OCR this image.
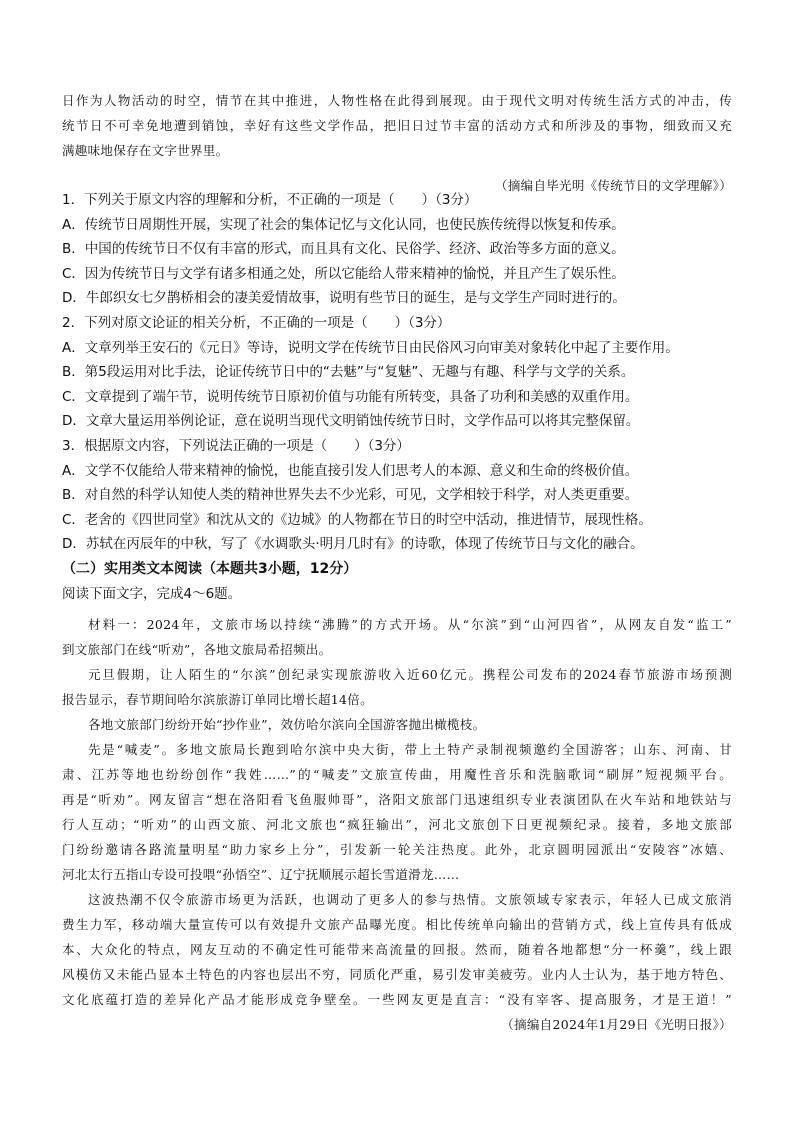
日作为人物活动的时空，情节在其中推进，人物性格在此得到展现。由于现代文明对传统生活方式的冲击，传

统节日不可幸免地遭到销蚀，幸好有这些文学作品，把旧日过节丰富的活动方式和所涉及的事物，细致而又充

满趣味地保存在文字世界里。

（摘编自毕光明《传统节日的文学理解》）

1．下列关于原文内容的理解和分析，不正确的一项是（　　）（3分）

A．传统节日周期性开展，实现了社会的集体记忆与文化认同，也使民族传统得以恢复和传承。

B．中国的传统节日不仅有丰富的形式，而且具有文化、民俗学、经济、政治等多方面的意义。

C．因为传统节日与文学有诸多相通之处，所以它能给人带来精神的愉悦，并且产生了娱乐性。

D．牛郎织女七夕鹊桥相会的凄美爱情故事，说明有些节日的诞生，是与文学生产同时进行的。

2．下列对原文论证的相关分析，不正确的一项是（　　）（3分）

A．文章列举王安石的《元日》等诗，说明文学在传统节日由民俗风习向审美对象转化中起了主要作用。

B．第5段运用对比手法，论证传统节日中的“去魅”与“复魅”、无趣与有趣、科学与文学的关系。

C．文章提到了端午节，说明传统节日原初价值与功能有所转变，具备了功利和美感的双重作用。

D．文章大量运用举例论证，意在说明当现代文明销蚀传统节日时，文学作品可以将其完整保留。

3．根据原文内容，下列说法正确的一项是（　　）（3分）

A．文学不仅能给人带来精神的愉悦，也能直接引发人们思考人的本源、意义和生命的终极价值。

B．对自然的科学认知使人类的精神世界失去不少光彩，可见，文学相较于科学，对人类更重要。

C．老舍的《四世同堂》和沈从文的《边城》的人物都在节日的时空中活动，推进情节，展现性格。

D．苏轼在丙辰年的中秋，写了《水调歌头·明月几时有》的诗歌，体现了传统节日与文化的融合。

（二）实用类文本阅读（本题共3小题，12分）

阅读下面文字，完成4～6题。

材料一：2024年，文旅市场以持续“沸腾”的方式开场。从“尔滨”到“山河四省”，从网友自发“监工”

到文旅部门在线“听劝”，各地文旅局希招频出。

元旦假期，让人陌生的“尔滨”创纪录实现旅游收入近60亿元。携程公司发布的2024春节旅游市场预测

报告显示，春节期间哈尔滨旅游订单同比增长超14倍。

各地文旅部门纷纷开始“抄作业”，效仿哈尔滨向全国游客抛出橄榄枝。

先是“喊麦”。多地文旅局长跑到哈尔滨中央大街，带上土特产录制视频邀约全国游客；山东、河南、甘

肃、江苏等地也纷纷创作“我姓……”的“喊麦”文旅宣传曲，用魔性音乐和洗脑歌词“刷屏”短视频平台。

再是“听劝”。网友留言“想在洛阳看飞鱼服帅哥”，洛阳文旅部门迅速组织专业表演团队在火车站和地铁站与

行人互动；“听劝”的山西文旅、河北文旅也“疯狂输出”，河北文旅创下日更视频纪录。接着，多地文旅部

门纷纷邀请各路流量明星“助力家乡上分”，引发新一轮关注热度。此外，北京圆明园派出“安陵容”冰嬉、

河北太行五指山专设可投喂“孙悟空”、辽宁抚顺展示超长雪道滑龙……

这波热潮不仅令旅游市场更为活跃，也调动了更多人的参与热情。文旅领域专家表示，年轻人已成文旅消

费生力军，移动端大量宣传可以有效提升文旅产品曝光度。相比传统单向输出的营销方式，线上宣传具有低成

本、大众化的特点，网友互动的不确定性可能带来高流量的回报。然而，随着各地都想“分一杯羹”，线上跟

风模仿又未能凸显本土特色的内容也层出不穷，同质化严重，易引发审美疲劳。业内人士认为，基于地方特色、

文化底蕴打造的差异化产品才能形成竞争壁垒。一些网友更是直言：“没有宰客、提高服务，才是王道！”

（摘编自2024年1月29日《光明日报》）
